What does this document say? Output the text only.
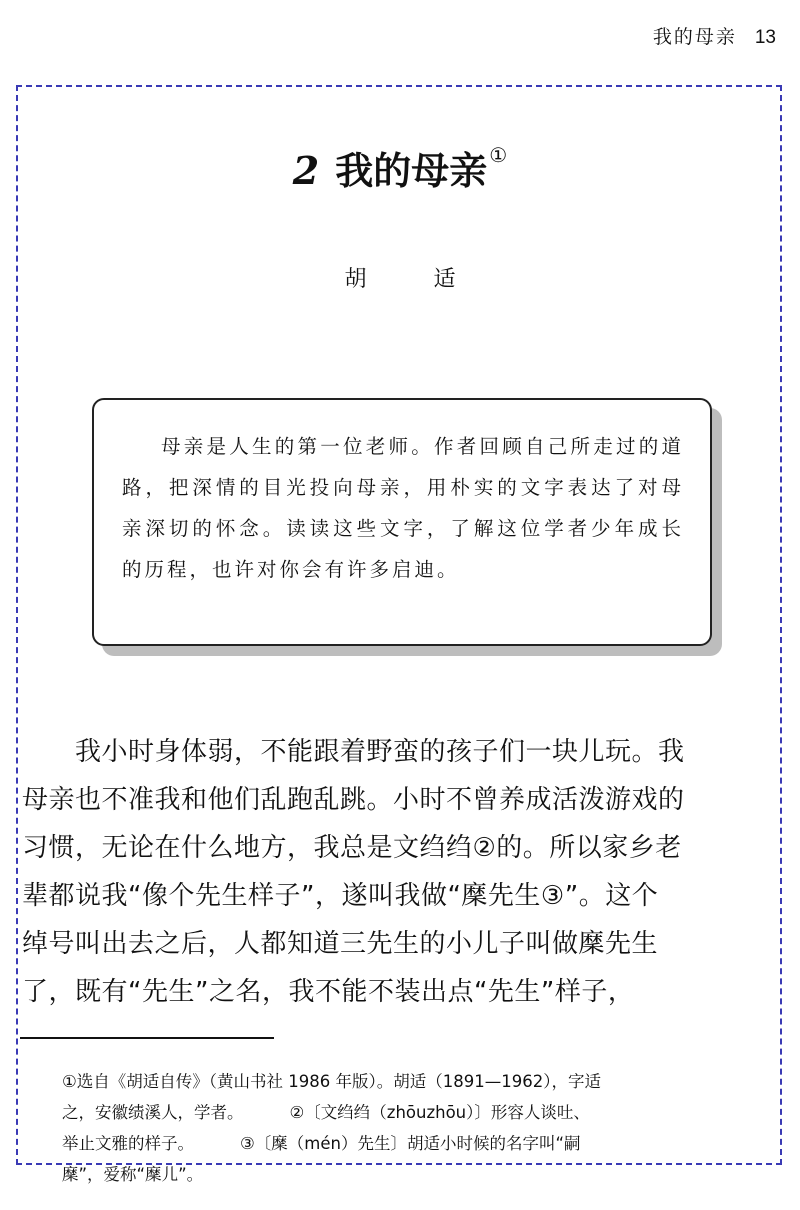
我的母亲 13
2 我的母亲 ①
胡 适

母亲是人生的第一位老师。作者回顾自己所走过的道路，把深情的目光投向母亲，用朴实的文字表达了对母亲深切的怀念。读读这些文字，了解这位学者少年成长的历程，也许对你会有许多启迪。

　　我小时身体弱，不能跟着野蛮的孩子们一块儿玩。我
母亲也不准我和他们乱跑乱跳。小时不曾养成活泼游戏的
习惯，无论在什么地方，我总是文绉绉②的。所以家乡老
辈都说我“像个先生样子”，遂叫我做“穈先生③”。这个
绰号叫出去之后，人都知道三先生的小儿子叫做穈先生
了，既有“先生”之名，我不能不装出点“先生”样子，
①选自《胡适自传》（黄山书社 1986 年版）。胡适（1891—1962），字适
之，安徽绩溪人，学者。	②〔文绉绉（zhōuzhōu）〕形容人谈吐、
举止文雅的样子。	③〔穈（mén）先生〕胡适小时候的名字叫“嗣
穈”，爱称“穈儿”。
